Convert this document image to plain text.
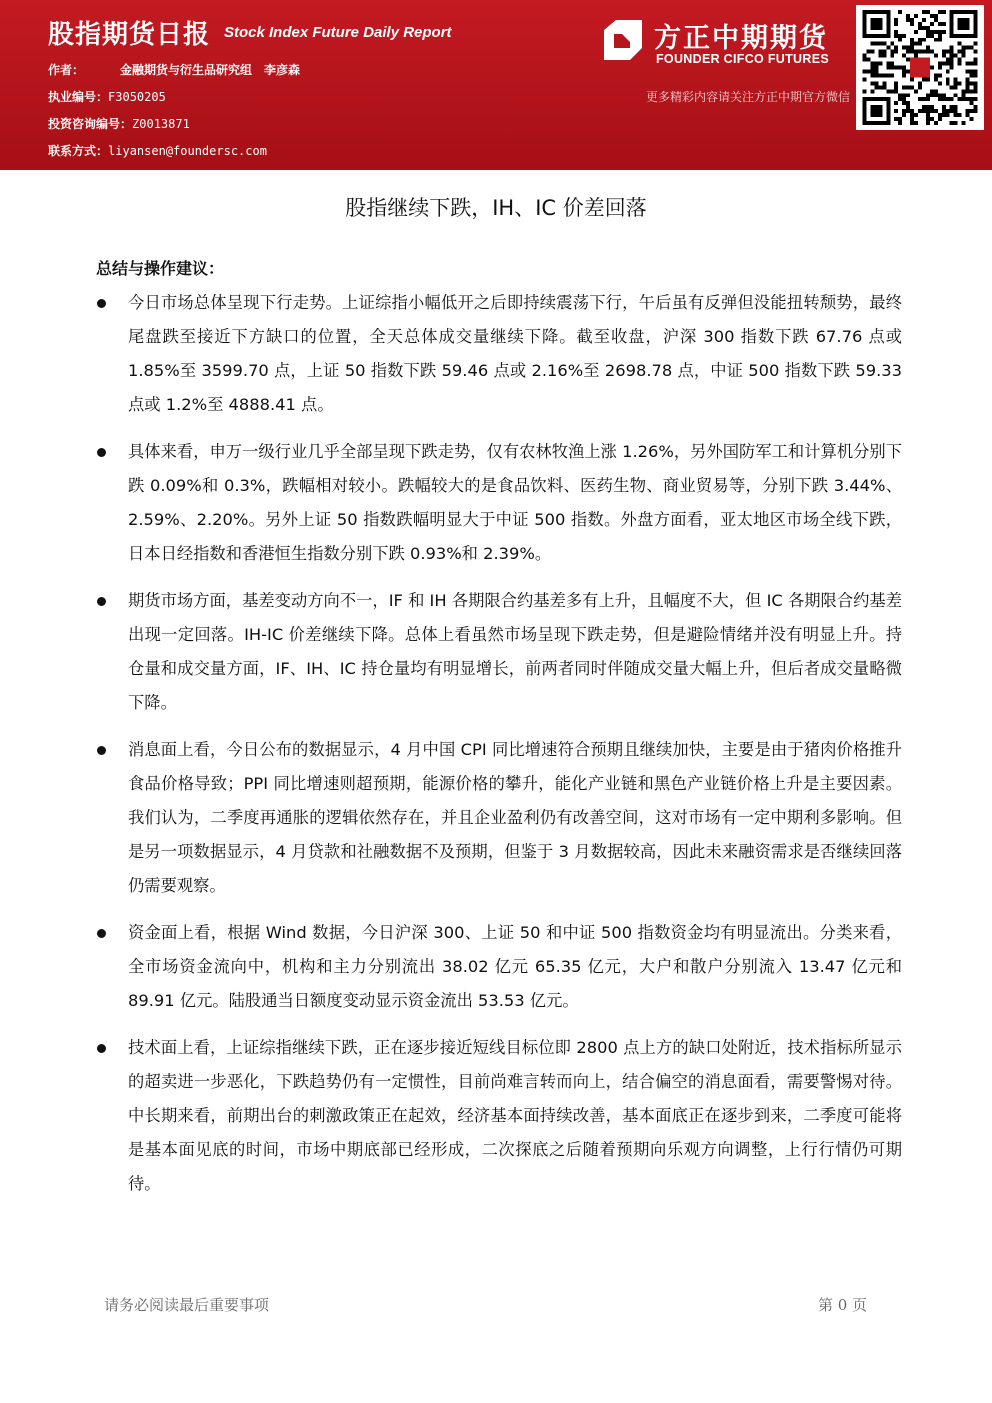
股指期货日报 Stock Index Future Daily Report
作者：	金融期货与衍生品研究组　李彦森
执业编号：F3050205
投资咨询编号：Z0013871
联系方式：liyansen@foundersc.com
方正中期期货
FOUNDER CIFCO FUTURES
更多精彩内容请关注方正中期官方微信
股指继续下跌，IH、IC 价差回落
总结与操作建议：
今日市场总体呈现下行走势。上证综指小幅低开之后即持续震荡下行，午后虽有反弹但没能扭转颓势，最终尾盘跌至接近下方缺口的位置，全天总体成交量继续下降。截至收盘，沪深 300 指数下跌 67.76 点或 1.85%至 3599.70 点，上证 50 指数下跌 59.46 点或 2.16%至 2698.78 点，中证 500 指数下跌 59.33 点或 1.2%至 4888.41 点。
具体来看，申万一级行业几乎全部呈现下跌走势，仅有农林牧渔上涨 1.26%，另外国防军工和计算机分别下跌 0.09%和 0.3%，跌幅相对较小。跌幅较大的是食品饮料、医药生物、商业贸易等，分别下跌 3.44%、2.59%、2.20%。另外上证 50 指数跌幅明显大于中证 500 指数。外盘方面看，亚太地区市场全线下跌，日本日经指数和香港恒生指数分别下跌 0.93%和 2.39%。
期货市场方面，基差变动方向不一，IF 和 IH 各期限合约基差多有上升，且幅度不大，但 IC 各期限合约基差出现一定回落。IH-IC 价差继续下降。总体上看虽然市场呈现下跌走势，但是避险情绪并没有明显上升。持仓量和成交量方面，IF、IH、IC 持仓量均有明显增长，前两者同时伴随成交量大幅上升，但后者成交量略微下降。
消息面上看，今日公布的数据显示，4 月中国 CPI 同比增速符合预期且继续加快，主要是由于猪肉价格推升食品价格导致；PPI 同比增速则超预期，能源价格的攀升，能化产业链和黑色产业链价格上升是主要因素。我们认为，二季度再通胀的逻辑依然存在，并且企业盈利仍有改善空间，这对市场有一定中期利多影响。但是另一项数据显示，4 月贷款和社融数据不及预期，但鉴于 3 月数据较高，因此未来融资需求是否继续回落仍需要观察。
资金面上看，根据 Wind 数据，今日沪深 300、上证 50 和中证 500 指数资金均有明显流出。分类来看，全市场资金流向中，机构和主力分别流出 38.02 亿元 65.35 亿元，大户和散户分别流入 13.47 亿元和 89.91 亿元。陆股通当日额度变动显示资金流出 53.53 亿元。
技术面上看，上证综指继续下跌，正在逐步接近短线目标位即 2800 点上方的缺口处附近，技术指标所显示的超卖进一步恶化，下跌趋势仍有一定惯性，目前尚难言转而向上，结合偏空的消息面看，需要警惕对待。中长期来看，前期出台的刺激政策正在起效，经济基本面持续改善，基本面底正在逐步到来，二季度可能将是基本面见底的时间，市场中期底部已经形成，二次探底之后随着预期向乐观方向调整，上行行情仍可期待。
请务必阅读最后重要事项	第 0 页
